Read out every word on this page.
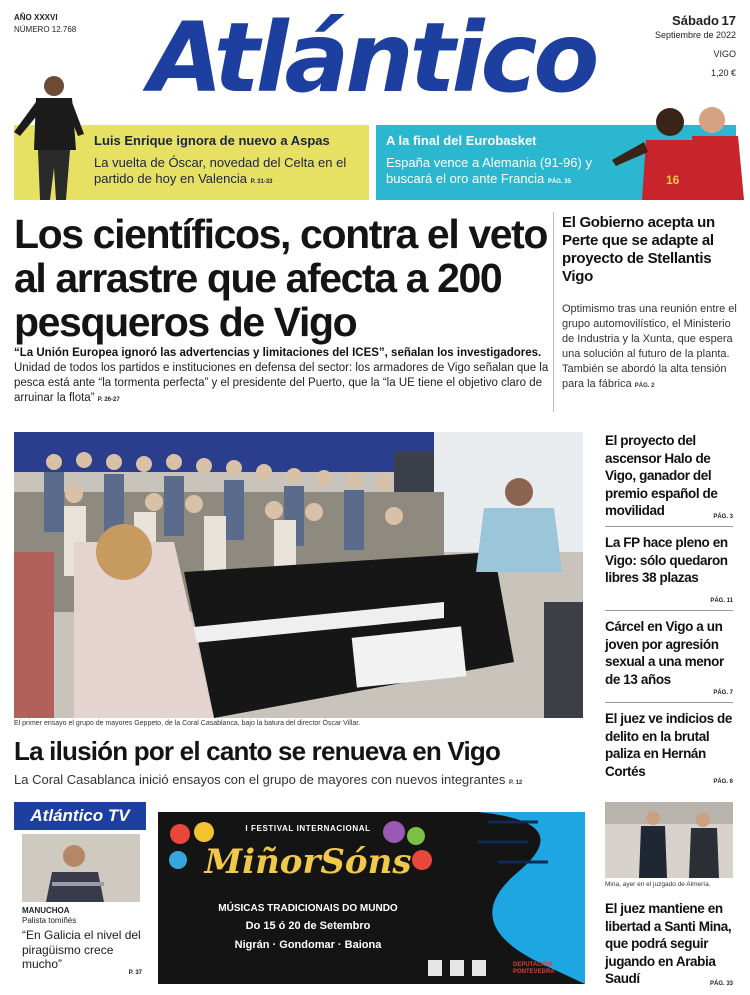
AÑO XXXVI
NÚMERO 12.768 Atlántico	Sábado 17
Septiembre de 2022
VIGO
1,20 €
Luis Enrique ignora de nuevo a Aspas
La vuelta de Óscar, novedad del Celta en el partido de hoy en Valencia P. 31-33
A la final del Eurobasket
España vence a Alemania (91-96) y buscará el oro ante Francia PÁG. 35	16
Los científicos, contra el veto al arrastre que afecta a 200 pesqueros de Vigo
“La Unión Europea ignoró las advertencias y limitaciones del ICES”, señalan los investigadores. Unidad de todos los partidos e instituciones en defensa del sector: los armadores de Vigo señalan que la pesca está ante “la tormenta perfecta” y el presidente del Puerto, que la “la UE tiene el objetivo claro de arruinar la flota” P. 26-27
El Gobierno acepta un Perte que se adapte al proyecto de Stellantis Vigo
Optimismo tras una reunión entre el grupo automovilístico, el Ministerio de Industria y la Xunta, que espera una solución al futuro de la planta. También se abordó la alta tensión para la fábrica PÁG. 2
El primer ensayo el grupo de mayores Geppeto, de la Coral Casablanca, bajo la batura del director Óscar Villar.
La ilusión por el canto se renueva en Vigo
La Coral Casablanca inició ensayos con el grupo de mayores con nuevos integrantes P. 12
El proyecto del ascensor Halo de Vigo, ganador del premio español de movilidad	PÁG. 3
La FP hace pleno en Vigo: sólo quedaron libres 38 plazas
PÁG. 11
Cárcel en Vigo a un joven por agresión sexual a una menor de 13 años
PÁG. 7
El juez ve indicios de delito en la brutal paliza en Hernán Cortés
PÁG. 6
Mina, ayer en el juzgado de Almería.
El juez mantiene en libertad a Santi Mina, que podrá seguir jugando en Arabia Saudí	PÁG. 33
Atlántico TV
MANUCHOA
Palista tomiñés
“En Galicia el nivel del piragüismo crece mucho”
P. 37
I FESTIVAL INTERNACIONAL
MiñorSóns
MÚSICAS TRADICIONAIS DO MUNDO
Do 15 ó 20 de Setembro
Nigrán · Gondomar · Baiona
DEPUTACIÓN PONTEVEDRA
